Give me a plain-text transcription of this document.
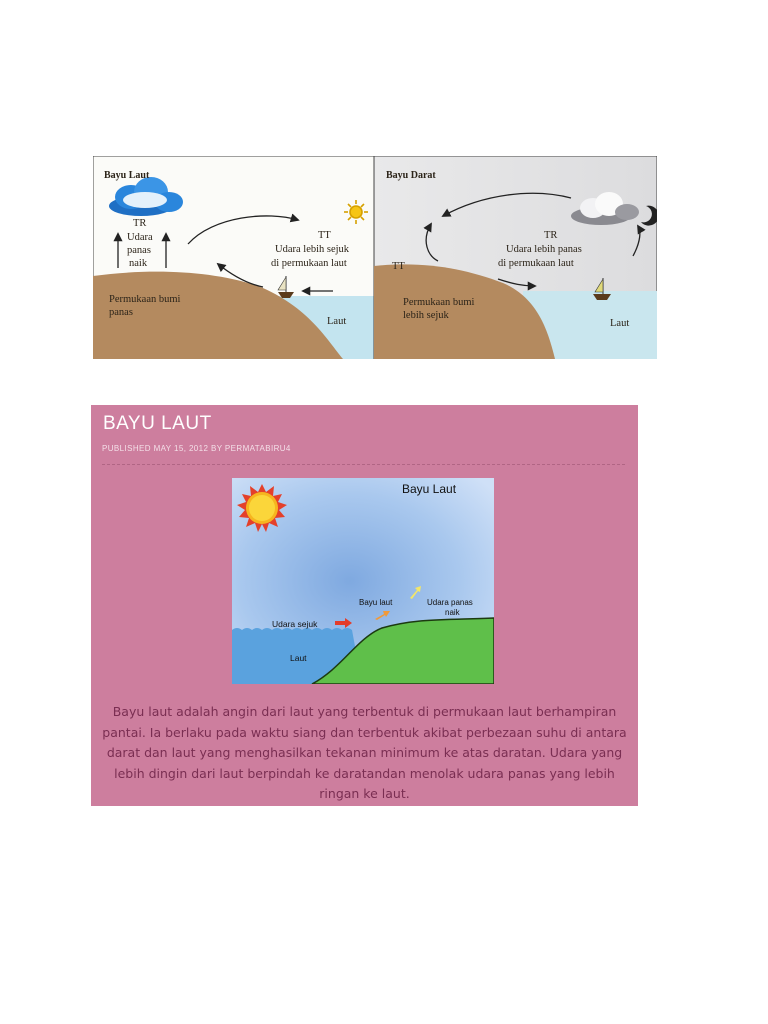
Bayu Laut
TR
Udara
panas
naik
TT
Udara lebih sejuk
di permukaan laut
Permukaan bumi
panas
Laut
Bayu Darat
TT
TR
Udara lebih panas
di permukaan laut
Permukaan bumi
lebih sejuk
Laut
BAYU LAUT
PUBLISHED MAY 15, 2012 BY PERMATABIRU4
Bayu Laut
Bayu laut	Udara panas
naik
Udara sejuk
Laut
Bayu laut adalah angin dari laut yang terbentuk di permukaan laut berhampiran pantai. Ia berlaku pada waktu siang dan terbentuk akibat perbezaan suhu di antara darat dan laut yang menghasilkan tekanan minimum ke atas daratan. Udara yang lebih dingin dari laut berpindah ke daratandan menolak udara panas yang lebih ringan ke laut.
